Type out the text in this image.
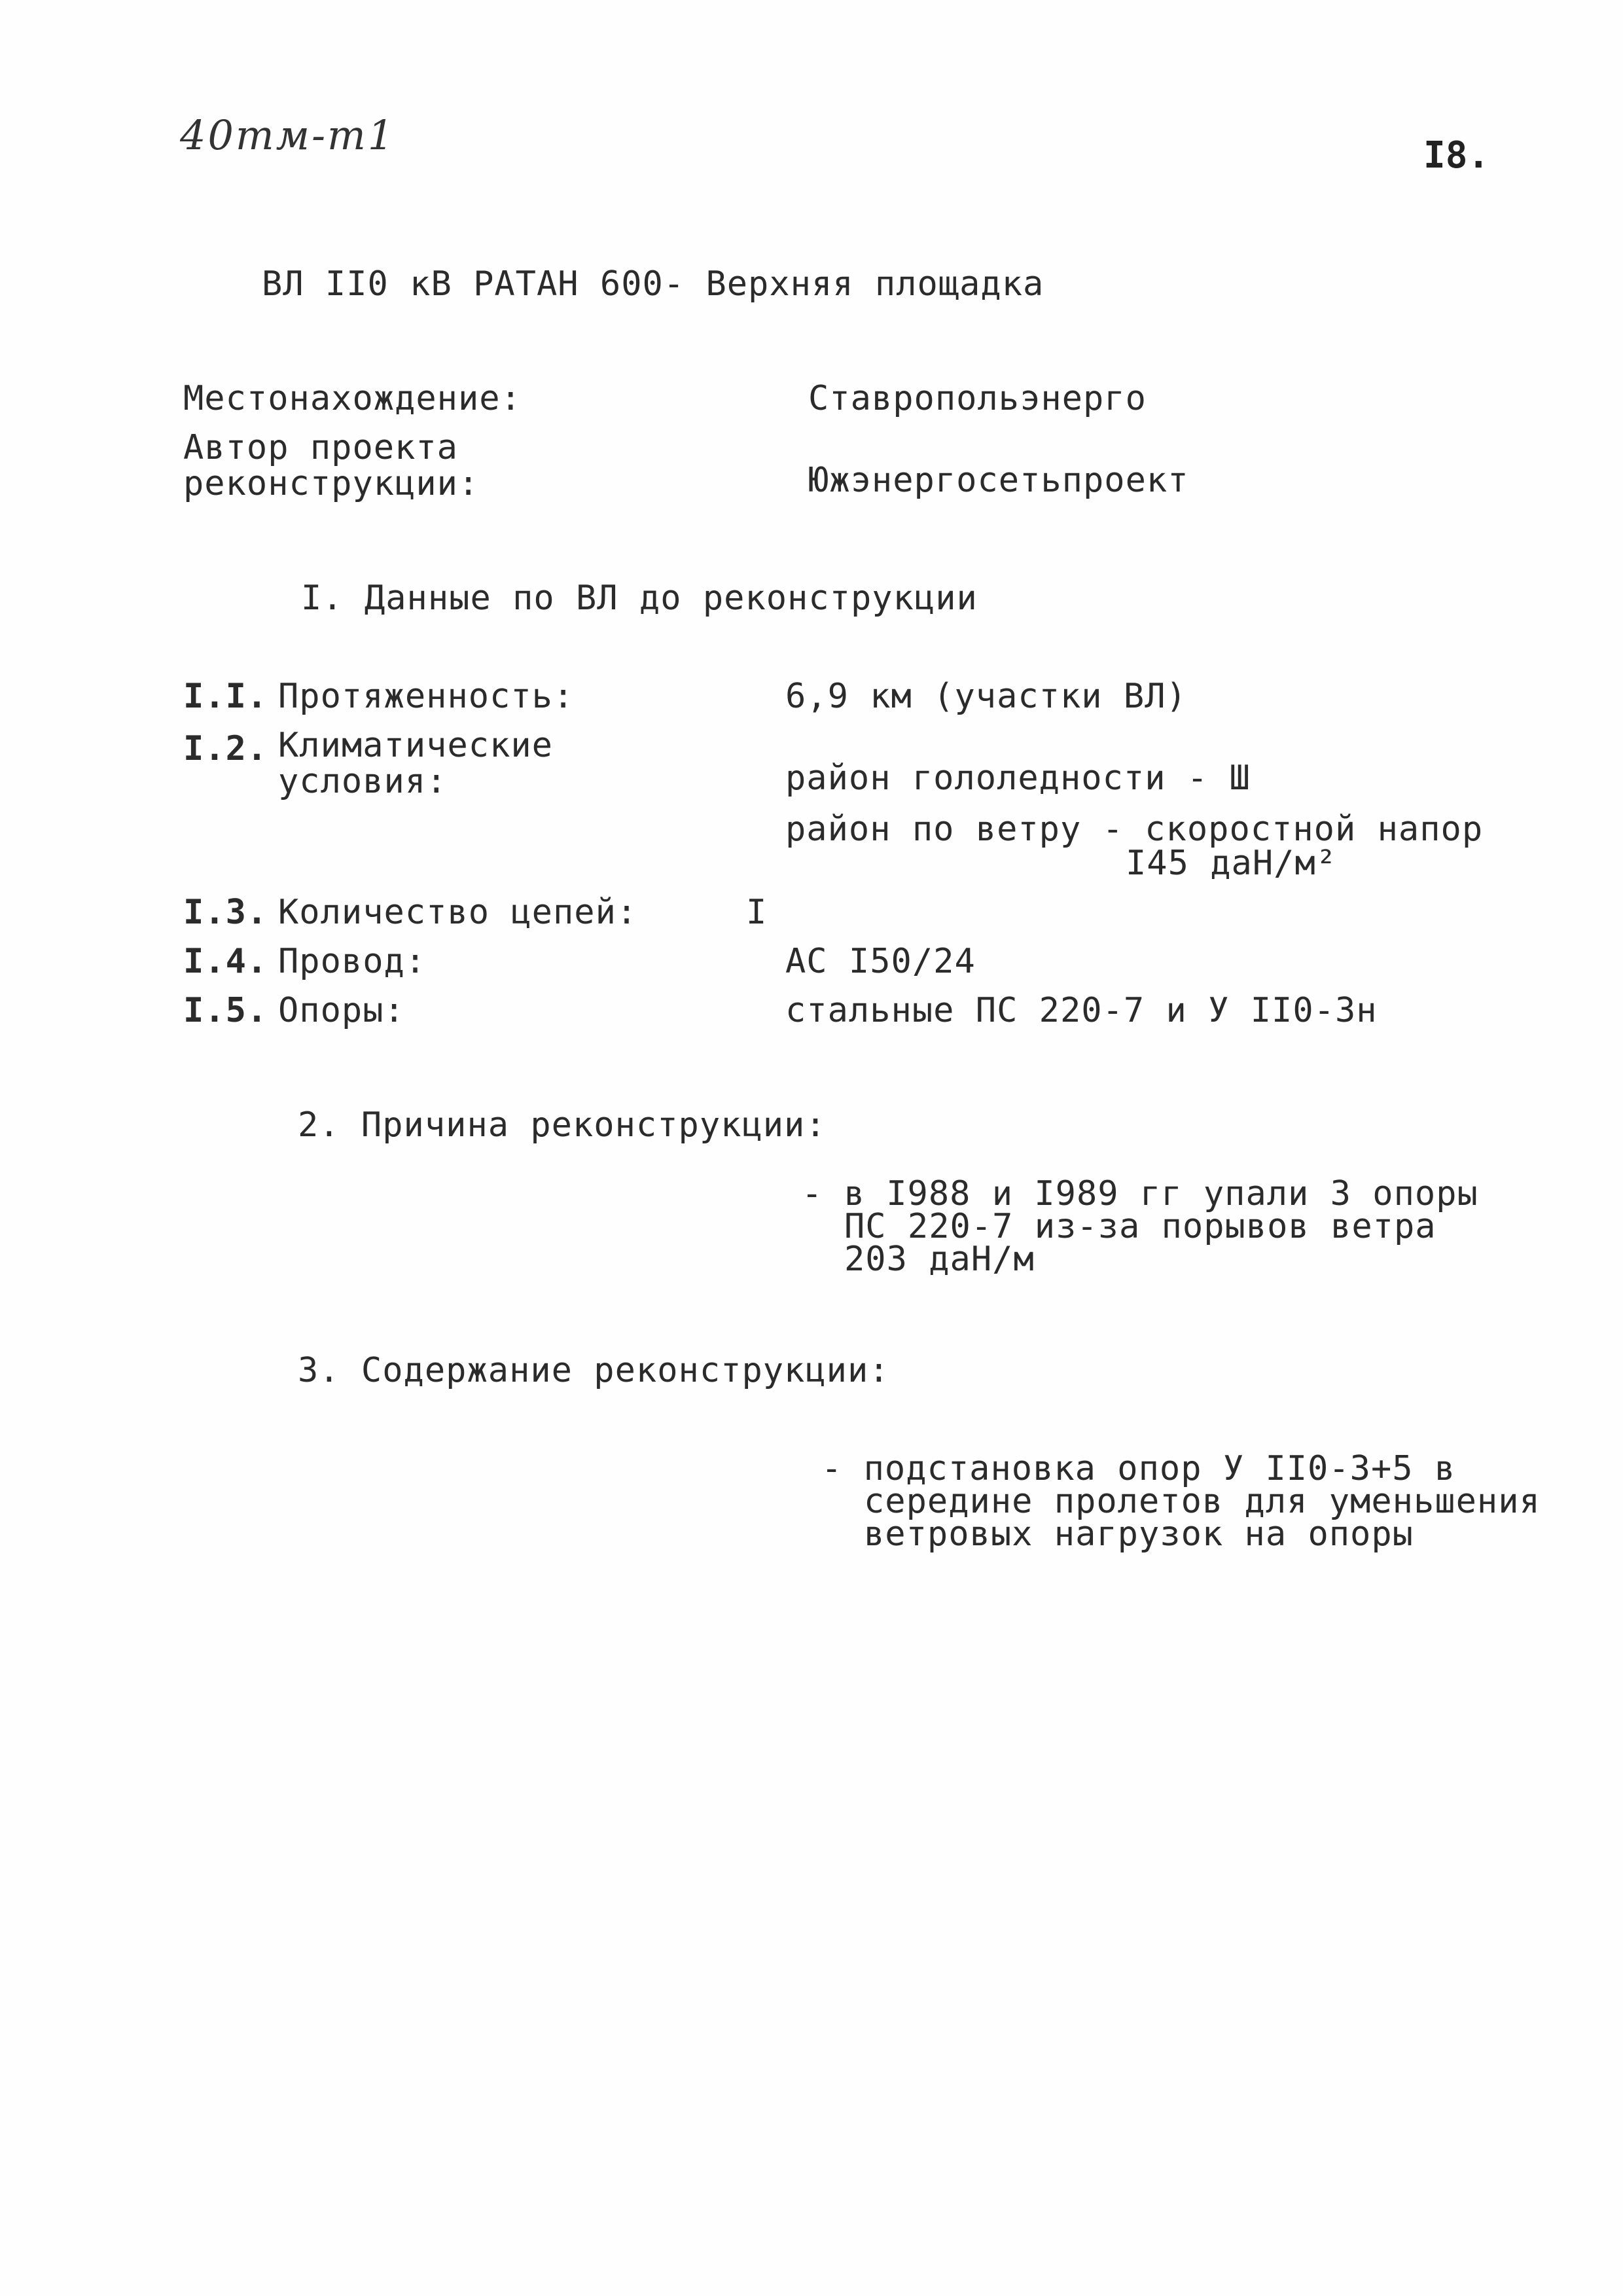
40тм-т1	I8.
ВЛ II0 кВ РАТАН 600- Верхняя площадка
Местонахождение:	Ставропольэнерго
Автор проекта
реконструкции:	Южэнергосетьпроект
I. Данные по ВЛ до реконструкции
I.I. Протяженность:	6,9 км (участки ВЛ)
I.2. Климатические
условия:	район гололедности - Ш
район по ветру - скоростной напор
I45 даН/м²
I.3. Количество цепей:	I
I.4. Провод:	АС I50/24
I.5. Опоры:	стальные ПС 220-7 и У II0-3н
2. Причина реконструкции:
- в I988 и I989 гг упали 3 опоры
ПС 220-7 из-за порывов ветра
203 даН/м
3. Содержание реконструкции:
- подстановка опор У II0-3+5 в
середине пролетов для уменьшения
ветровых нагрузок на опоры
